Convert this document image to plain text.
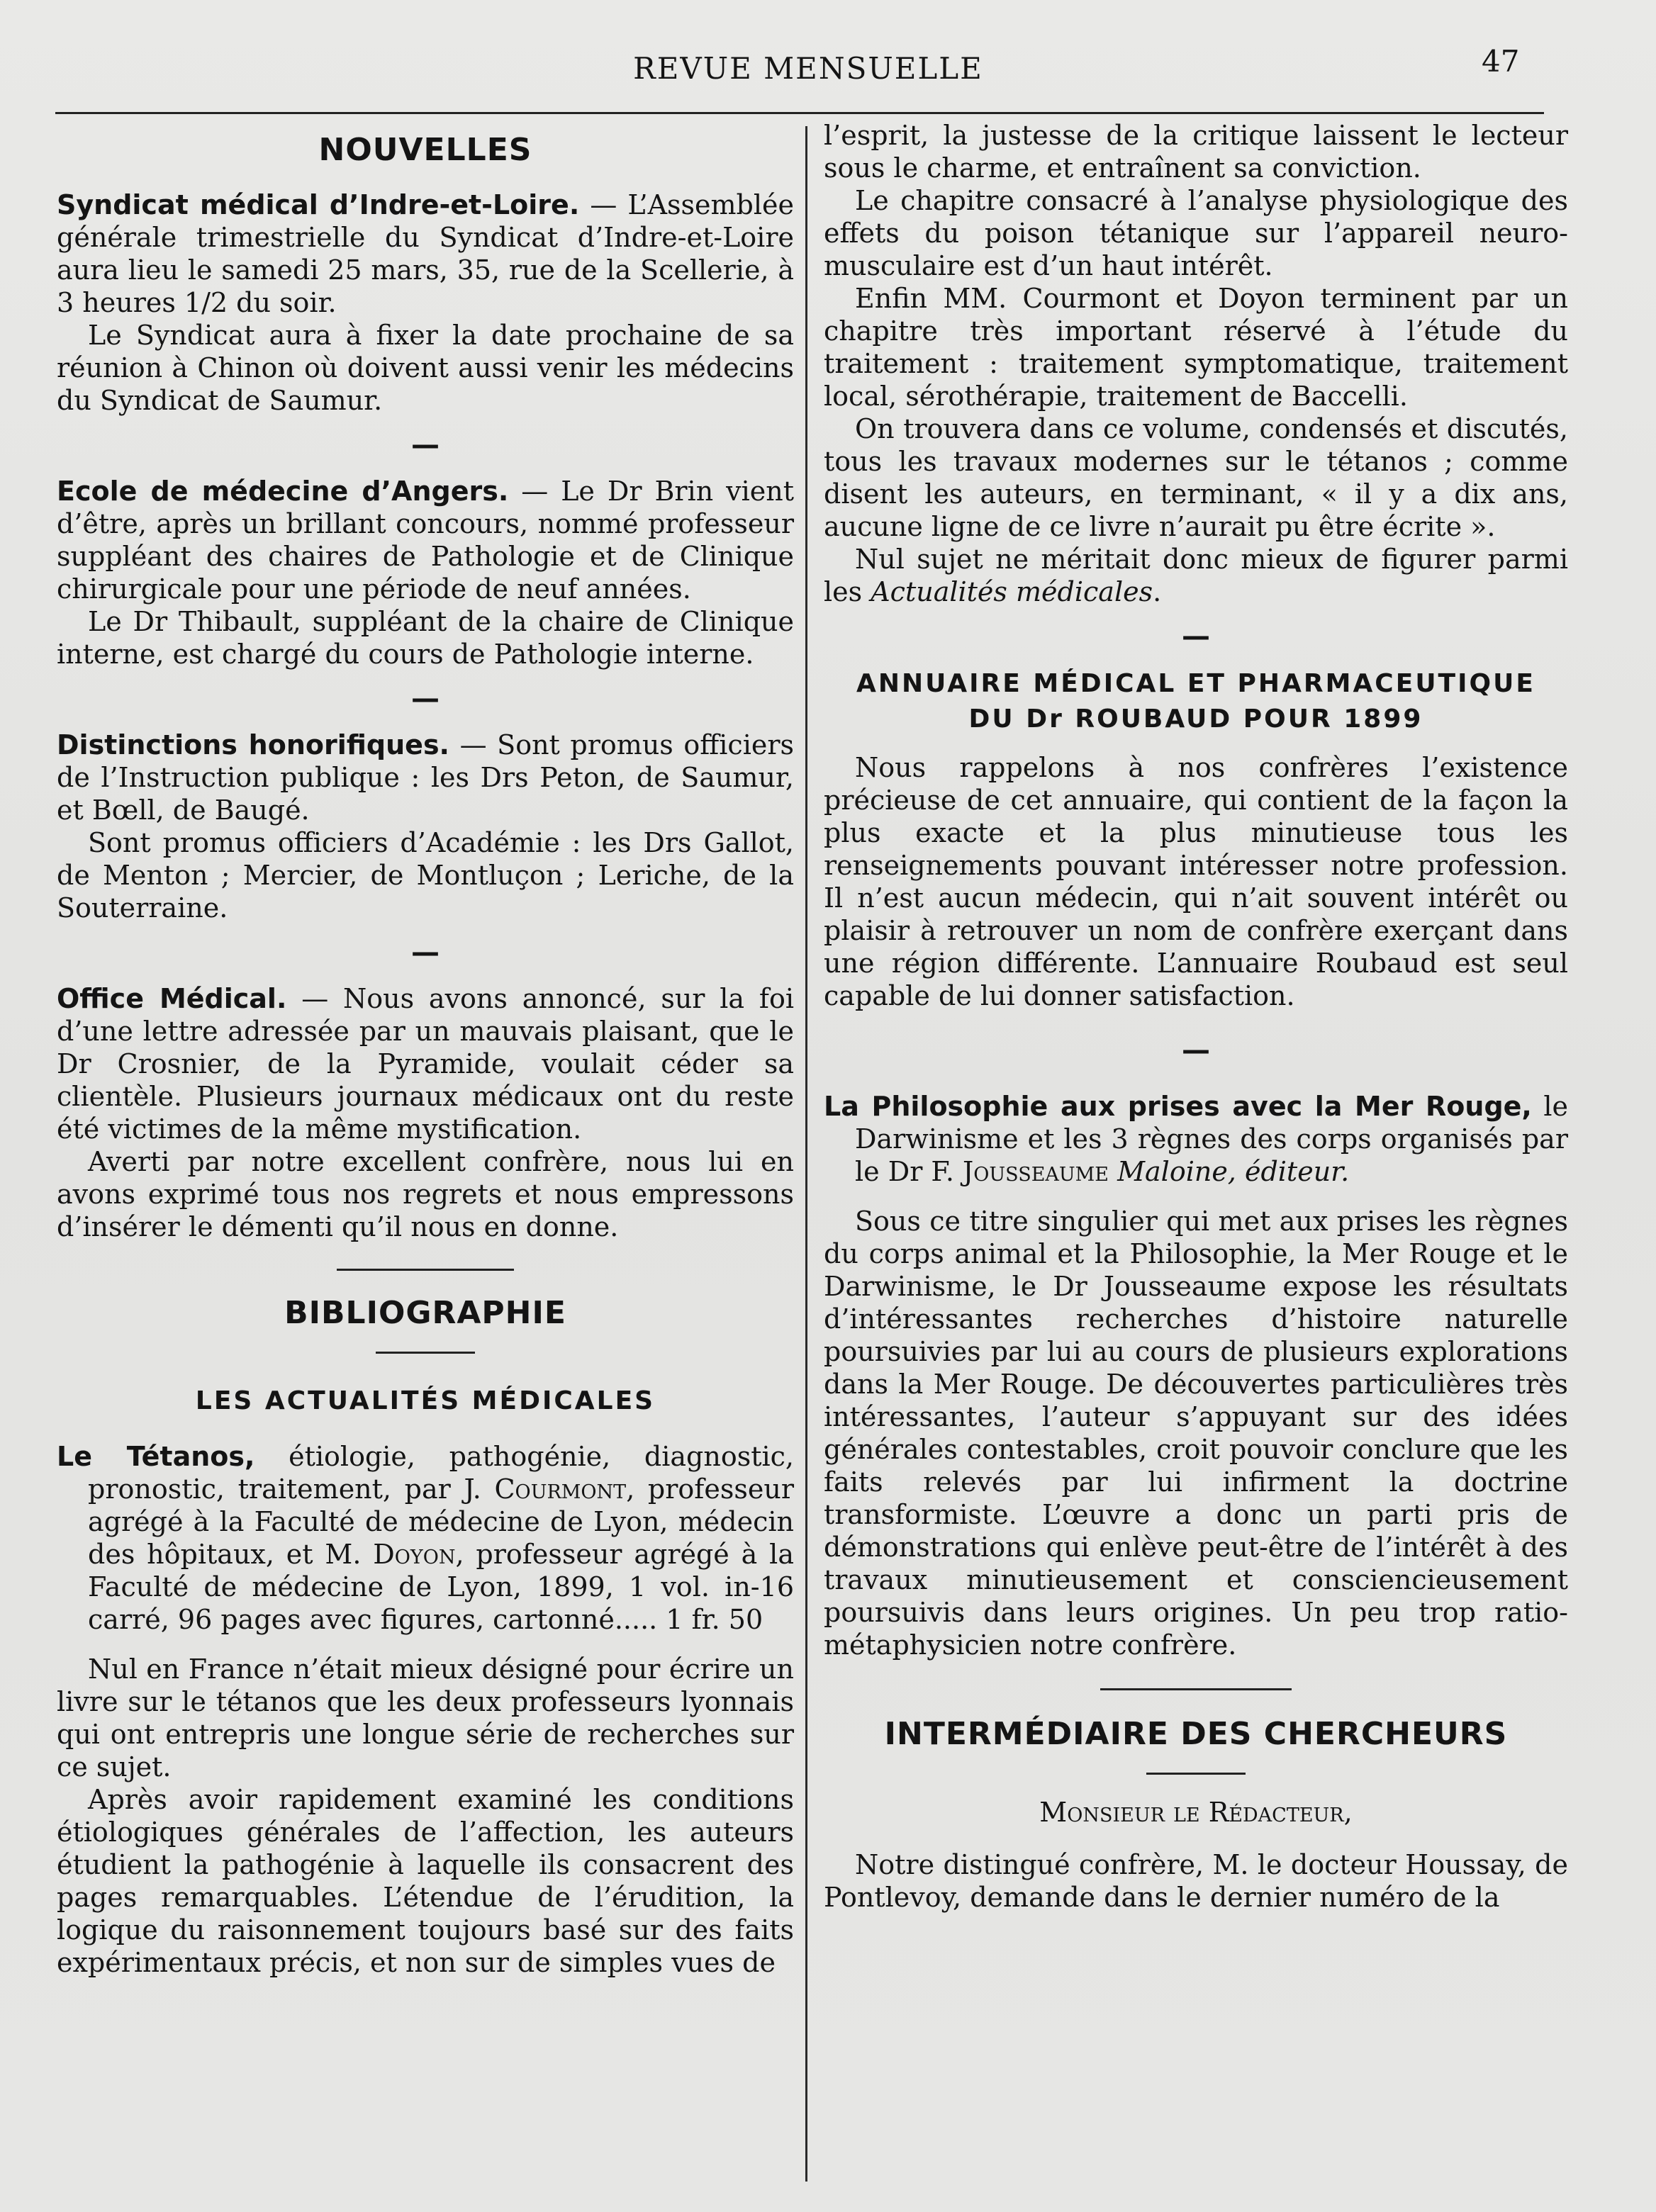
REVUE MENSUELLE	47
NOUVELLES

Syndicat médical d’Indre-et-Loire. — L’Assemblée générale trimestrielle du Syndicat d’Indre-et-Loire aura lieu le samedi 25 mars, 35, rue de la Scellerie, à 3 heures 1/2 du soir.

Le Syndicat aura à fixer la date prochaine de sa réunion à Chinon où doivent aussi venir les médecins du Syndicat de Saumur.

—

Ecole de médecine d’Angers. — Le Dr Brin vient d’être, après un brillant concours, nommé professeur suppléant des chaires de Pathologie et de Clinique chirurgicale pour une période de neuf années.

Le Dr Thibault, suppléant de la chaire de Clinique interne, est chargé du cours de Pathologie interne.

—

Distinctions honorifiques. — Sont promus officiers de l’Instruction publique : les Drs Peton, de Saumur, et Bœll, de Baugé.

Sont promus officiers d’Académie : les Drs Gallot, de Menton ; Mercier, de Montluçon ; Leriche, de la Souterraine.

—

Office Médical. — Nous avons annoncé, sur la foi d’une lettre adressée par un mauvais plaisant, que le Dr Crosnier, de la Pyramide, voulait céder sa clientèle. Plusieurs journaux médicaux ont du reste été victimes de la même mystification.

Averti par notre excellent confrère, nous lui en avons exprimé tous nos regrets et nous empressons d’insérer le démenti qu’il nous en donne.

BIBLIOGRAPHIE
LES ACTUALITÉS MÉDICALES

Le Tétanos, étiologie, pathogénie, diagnostic, pronostic, traitement, par J. Courmont, professeur agrégé à la Faculté de médecine de Lyon, médecin des hôpitaux, et M. Doyon, professeur agrégé à la Faculté de médecine de Lyon, 1899, 1 vol. in-16 carré, 96 pages avec figures, cartonné..... 1 fr. 50

Nul en France n’était mieux désigné pour écrire un livre sur le tétanos que les deux professeurs lyonnais qui ont entrepris une longue série de recherches sur ce sujet.

Après avoir rapidement examiné les conditions étiologiques générales de l’affection, les auteurs étudient la pathogénie à laquelle ils consacrent des pages remarquables. L’étendue de l’érudition, la logique du raisonnement toujours basé sur des faits expérimentaux précis, et non sur de simples vues de

l’esprit, la justesse de la critique laissent le lecteur sous le charme, et entraînent sa conviction.

Le chapitre consacré à l’analyse physiologique des effets du poison tétanique sur l’appareil neuro-musculaire est d’un haut intérêt.

Enfin MM. Courmont et Doyon terminent par un chapitre très important réservé à l’étude du traitement : traitement symptomatique, traitement local, sérothérapie, traitement de Baccelli.

On trouvera dans ce volume, condensés et discutés, tous les travaux modernes sur le tétanos ; comme disent les auteurs, en terminant, « il y a dix ans, aucune ligne de ce livre n’aurait pu être écrite ».

Nul sujet ne méritait donc mieux de figurer parmi les Actualités médicales.

—
ANNUAIRE MÉDICAL ET PHARMACEUTIQUE
DU Dr ROUBAUD POUR 1899

Nous rappelons à nos confrères l’existence précieuse de cet annuaire, qui contient de la façon la plus exacte et la plus minutieuse tous les renseignements pouvant intéresser notre profession. Il n’est aucun médecin, qui n’ait souvent intérêt ou plaisir à retrouver un nom de confrère exerçant dans une région différente. L’annuaire Roubaud est seul capable de lui donner satisfaction.

—

La Philosophie aux prises avec la Mer Rouge, le Darwinisme et les 3 règnes des corps organisés par le Dr F. Jousseaume Maloine, éditeur.

Sous ce titre singulier qui met aux prises les règnes du corps animal et la Philosophie, la Mer Rouge et le Darwinisme, le Dr Jousseaume expose les résultats d’intéressantes recherches d’histoire naturelle poursuivies par lui au cours de plusieurs explorations dans la Mer Rouge. De découvertes particulières très intéressantes, l’auteur s’appuyant sur des idées générales contestables, croit pouvoir conclure que les faits relevés par lui infirment la doctrine transformiste. L’œuvre a donc un parti pris de démonstrations qui enlève peut-être de l’intérêt à des travaux minutieusement et consciencieusement poursuivis dans leurs origines. Un peu trop ratio-métaphysicien notre confrère.

INTERMÉDIAIRE DES CHERCHEURS
Monsieur le Rédacteur,

Notre distingué confrère, M. le docteur Houssay, de Pontlevoy, demande dans le dernier numéro de la
